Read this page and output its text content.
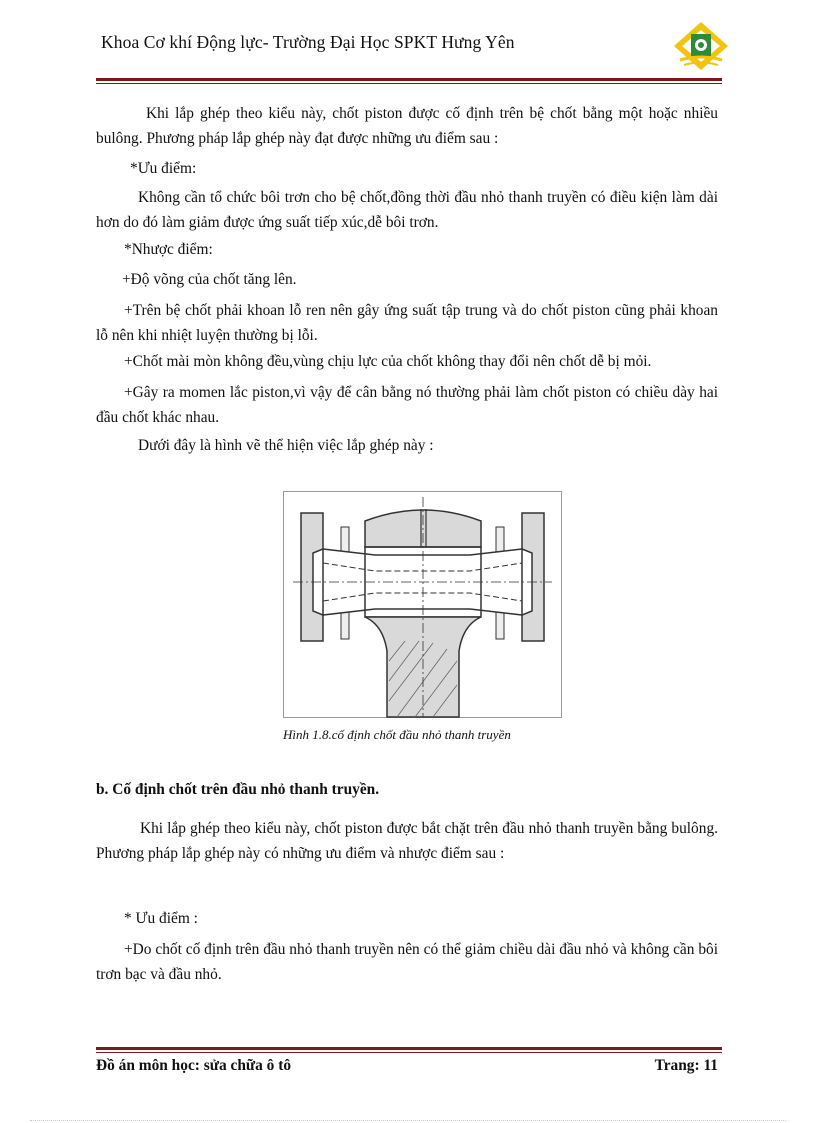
Khoa Cơ khí Động lực- Trường Đại Học SPKT Hưng Yên

Khi lắp ghép theo kiểu này, chốt piston được cố định trên bệ chốt bằng một hoặc nhiều bulông. Phương pháp lắp ghép này đạt được những ưu điểm sau :

*Ưu điểm:

Không cần tổ chức bôi trơn cho bệ chốt,đồng thời đầu nhỏ thanh truyền có điều kiện làm dài hơn do đó làm giảm được ứng suất tiếp xúc,dễ bôi trơn.

*Nhược điểm:

+Độ võng của chốt tăng lên.

+Trên bệ chốt phải khoan lỗ ren nên gây ứng suất tập trung và do chốt piston cũng phải khoan lỗ nên khi nhiệt luyện thường bị lỗi.

+Chốt mài mòn không đều,vùng chịu lực của chốt không thay đổi nên chốt dễ bị mỏi.

+Gây ra momen lắc piston,vì vậy để cân bằng nó thường phải làm chốt piston có chiều dày hai đầu chốt khác nhau.

Dưới đây là hình vẽ thể hiện việc lắp ghép này :

Hình 1.8.cố định chốt đầu nhỏ thanh truyền
b. Cố định chốt trên đầu nhỏ thanh truyền.

Khi lắp ghép theo kiểu này, chốt piston được bắt chặt trên đầu nhỏ thanh truyền bằng bulông. Phương pháp lắp ghép này có những ưu điểm và nhược điểm sau :

* Ưu điểm :

+Do chốt cố định trên đầu nhỏ thanh truyền nên có thể giảm chiều dài đầu nhỏ và không cần bôi trơn bạc và đầu nhỏ.

Đồ án môn học: sửa chữa ô tô	Trang: 11
